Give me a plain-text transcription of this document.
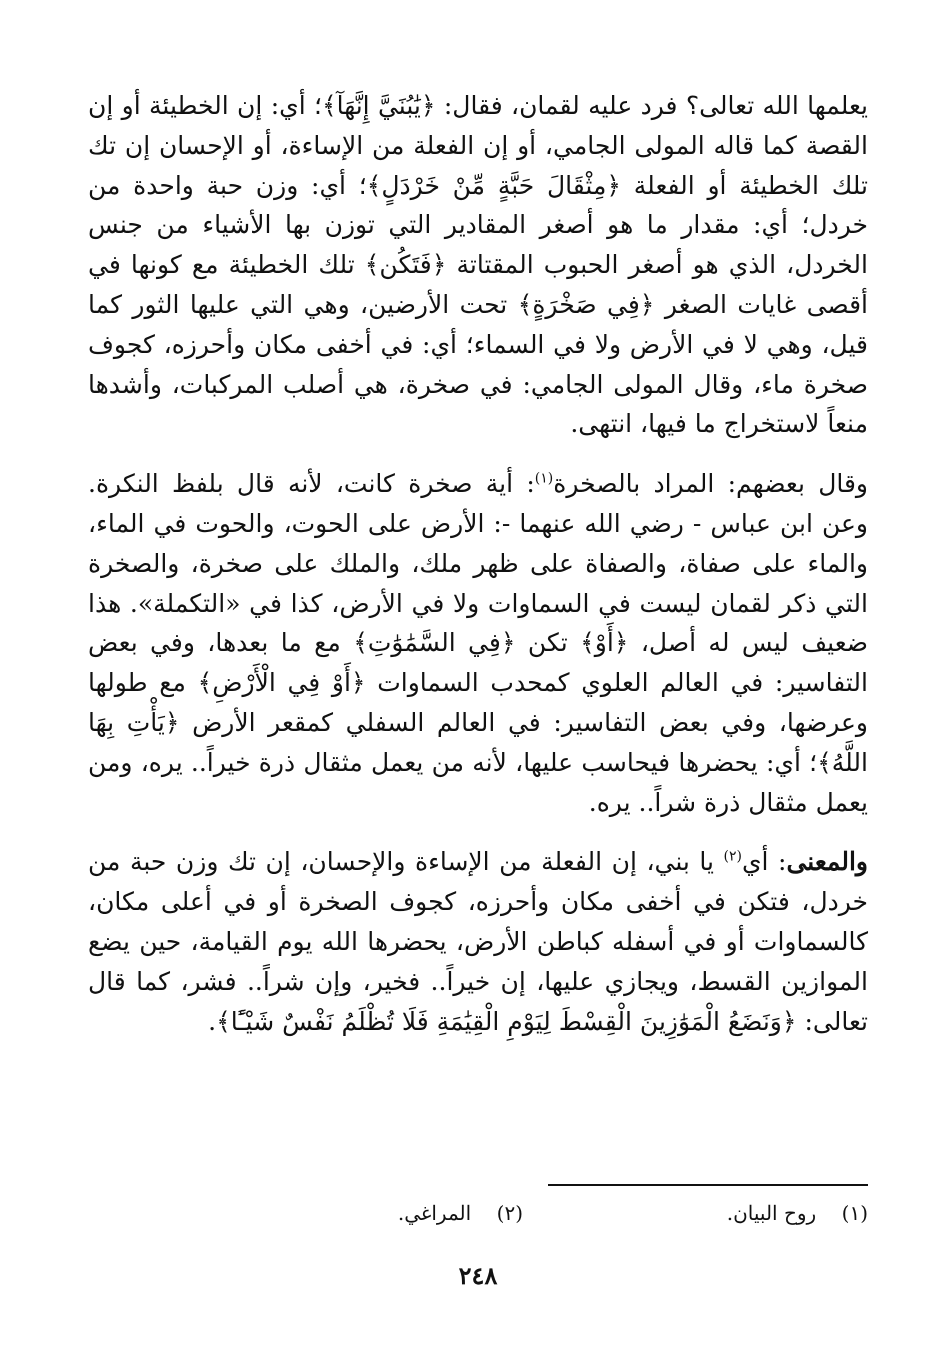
يعلمها الله تعالى؟ فرد عليه لقمان، فقال: ﴿يَٰبُنَيَّ إِنَّهَآ﴾؛ أي: إن الخطيئة أو إن القصة كما قاله المولى الجامي، أو إن الفعلة من الإساءة، أو الإحسان إن تك تلك الخطيئة أو الفعلة ﴿مِثْقَالَ حَبَّةٍ مِّنْ خَرْدَلٍ﴾؛ أي: وزن حبة واحدة من خردل؛ أي: مقدار ما هو أصغر المقادير التي توزن بها الأشياء من جنس الخردل، الذي هو أصغر الحبوب المقتاتة ﴿فَتَكُن﴾ تلك الخطيئة مع كونها في أقصى غايات الصغر ﴿فِي صَخْرَةٍ﴾ تحت الأرضين، وهي التي عليها الثور كما قيل، وهي لا في الأرض ولا في السماء؛ أي: في أخفى مكان وأحرزه، كجوف صخرة ماء، وقال المولى الجامي: في صخرة، هي أصلب المركبات، وأشدها منعاً لاستخراج ما فيها، انتهى.

وقال بعضهم: المراد بالصخرة$^{(١)}$: أية صخرة كانت، لأنه قال بلفظ النكرة. وعن ابن عباس - رضي الله عنهما -: الأرض على الحوت، والحوت في الماء، والماء على صفاة، والصفاة على ظهر ملك، والملك على صخرة، والصخرة التي ذكر لقمان ليست في السماوات ولا في الأرض، كذا في «التكملة». هذا ضعيف ليس له أصل، ﴿أَوْ﴾ تكن ﴿فِي السَّمَٰوَٰتِ﴾ مع ما بعدها، وفي بعض التفاسير: في العالم العلوي كمحدب السماوات ﴿أَوْ فِي الْأَرْضِ﴾ مع طولها وعرضها، وفي بعض التفاسير: في العالم السفلي كمقعر الأرض ﴿يَأْتِ بِهَا اللَّهُ﴾؛ أي: يحضرها فيحاسب عليها، لأنه من يعمل مثقال ذرة خيراً.. يره، ومن يعمل مثقال ذرة شراً.. يره.

والمعنى: أي$^{(٢)}$ يا بني، إن الفعلة من الإساءة والإحسان، إن تك وزن حبة من خردل، فتكن في أخفى مكان وأحرزه، كجوف الصخرة أو في أعلى مكان، كالسماوات أو في أسفله كباطن الأرض، يحضرها الله يوم القيامة، حين يضع الموازين القسط، ويجازي عليها، إن خيراً.. فخير، وإن شراً.. فشر، كما قال تعالى: ﴿وَنَضَعُ الْمَوَٰزِينَ الْقِسْطَ لِيَوْمِ الْقِيَٰمَةِ فَلَا تُظْلَمُ نَفْسٌ شَيْـًٔا﴾.

(١)    روح البيان.
(٢)    المراغي.
٢٤٨
